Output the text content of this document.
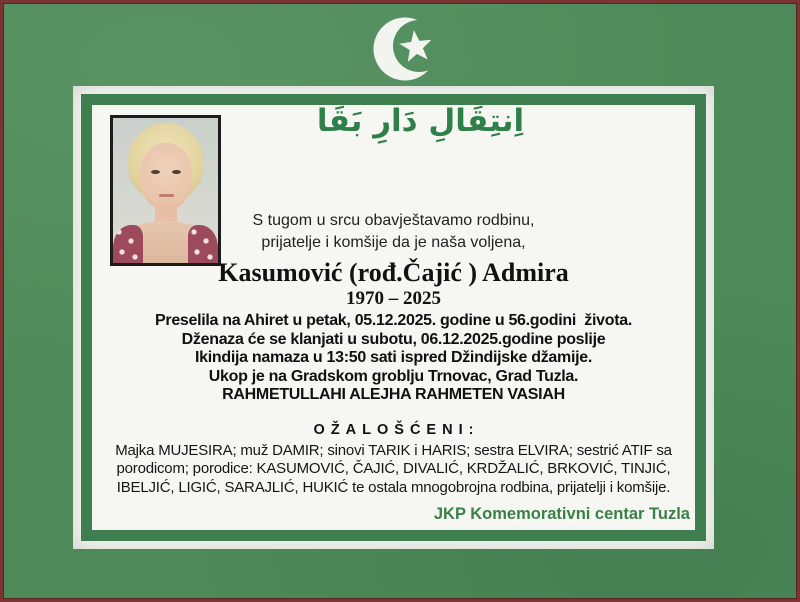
اِنتِقَالِ دَارِ بَقَا
S tugom u srcu obavještavamo rodbinu,
prijatelje i komšije da je naša voljena,
Kasumović (rođ.Čajić ) Admira
1970 – 2025
Preselila na Ahiret u petak, 05.12.2025. godine u 56.godini  života.
Dženaza će se klanjati u subotu, 06.12.2025.godine poslije
Ikindija namaza u 13:50 sati ispred Džindijske džamije.
Ukop je na Gradskom groblju Trnovac, Grad Tuzla.
RAHMETULLAHI ALEJHA RAHMETEN VASIAH
OŽALOŠĆENI:
Majka MUJESIRA; muž DAMIR; sinovi TARIK i HARIS; sestra ELVIRA; sestrić ATIF sa
porodicom; porodice: KASUMOVIĆ, ČAJIĆ, DIVALIĆ, KRDŽALIĆ, BRKOVIĆ, TINJIĆ,
IBELJIĆ, LIGIĆ, SARAJLIĆ, HUKIĆ te ostala mnogobrojna rodbina, prijatelji i komšije.
JKP Komemorativni centar Tuzla
